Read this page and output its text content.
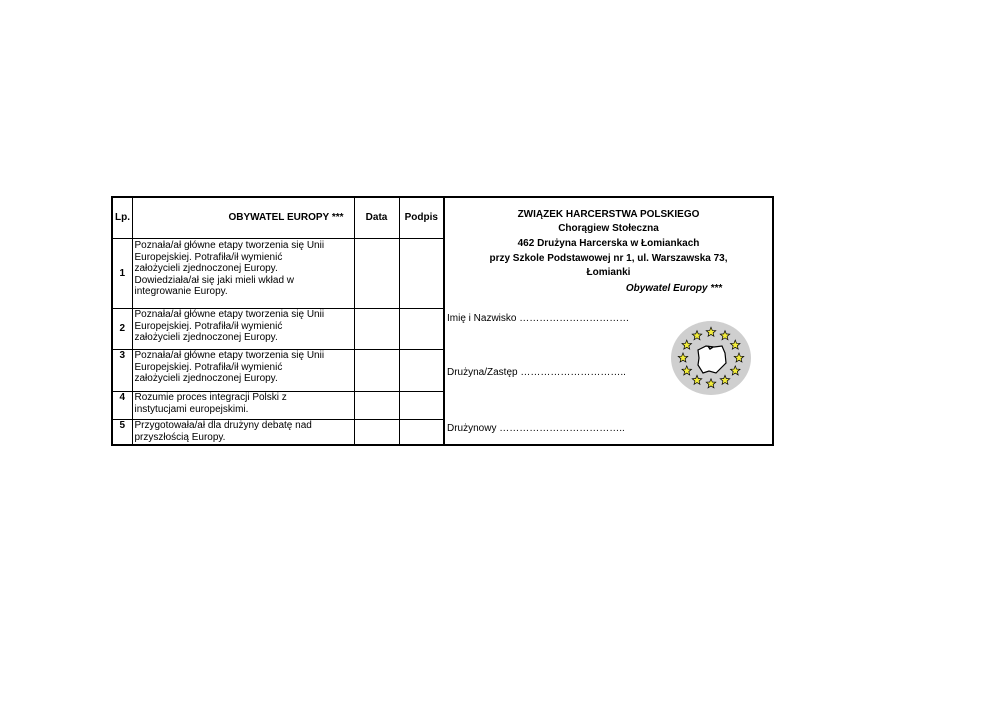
Lp.	OBYWATEL EUROPY ***	Data	Podpis
1	Poznała/ał główne etapy tworzenia się Unii
Europejskiej. Potrafiła/ił wymienić
założycieli zjednoczonej Europy.
Dowiedziała/ał się jaki mieli wkład w
integrowanie Europy.		

2	Poznała/ał główne etapy tworzenia się Unii
Europejskiej. Potrafiła/ił wymienić
założycieli zjednoczonej Europy.		

3	Poznała/ał główne etapy tworzenia się Unii
Europejskiej. Potrafiła/ił wymienić
założycieli zjednoczonej Europy.		

4	Rozumie proces integracji Polski z
instytucjami europejskimi.		

5	Przygotowała/ał dla drużyny debatę nad
przyszłością Europy.		

ZWIĄZEK HARCERSTWA POLSKIEGO
Chorągiew Stołeczna
462 Drużyna Harcerska w Łomiankach
przy Szkole Podstawowej nr 1, ul. Warszawska 73,
Łomianki
Obywatel Europy ***
Imię i Nazwisko ……………………………
Drużyna/Zastęp …………………………..
Drużynowy ………………………………..
